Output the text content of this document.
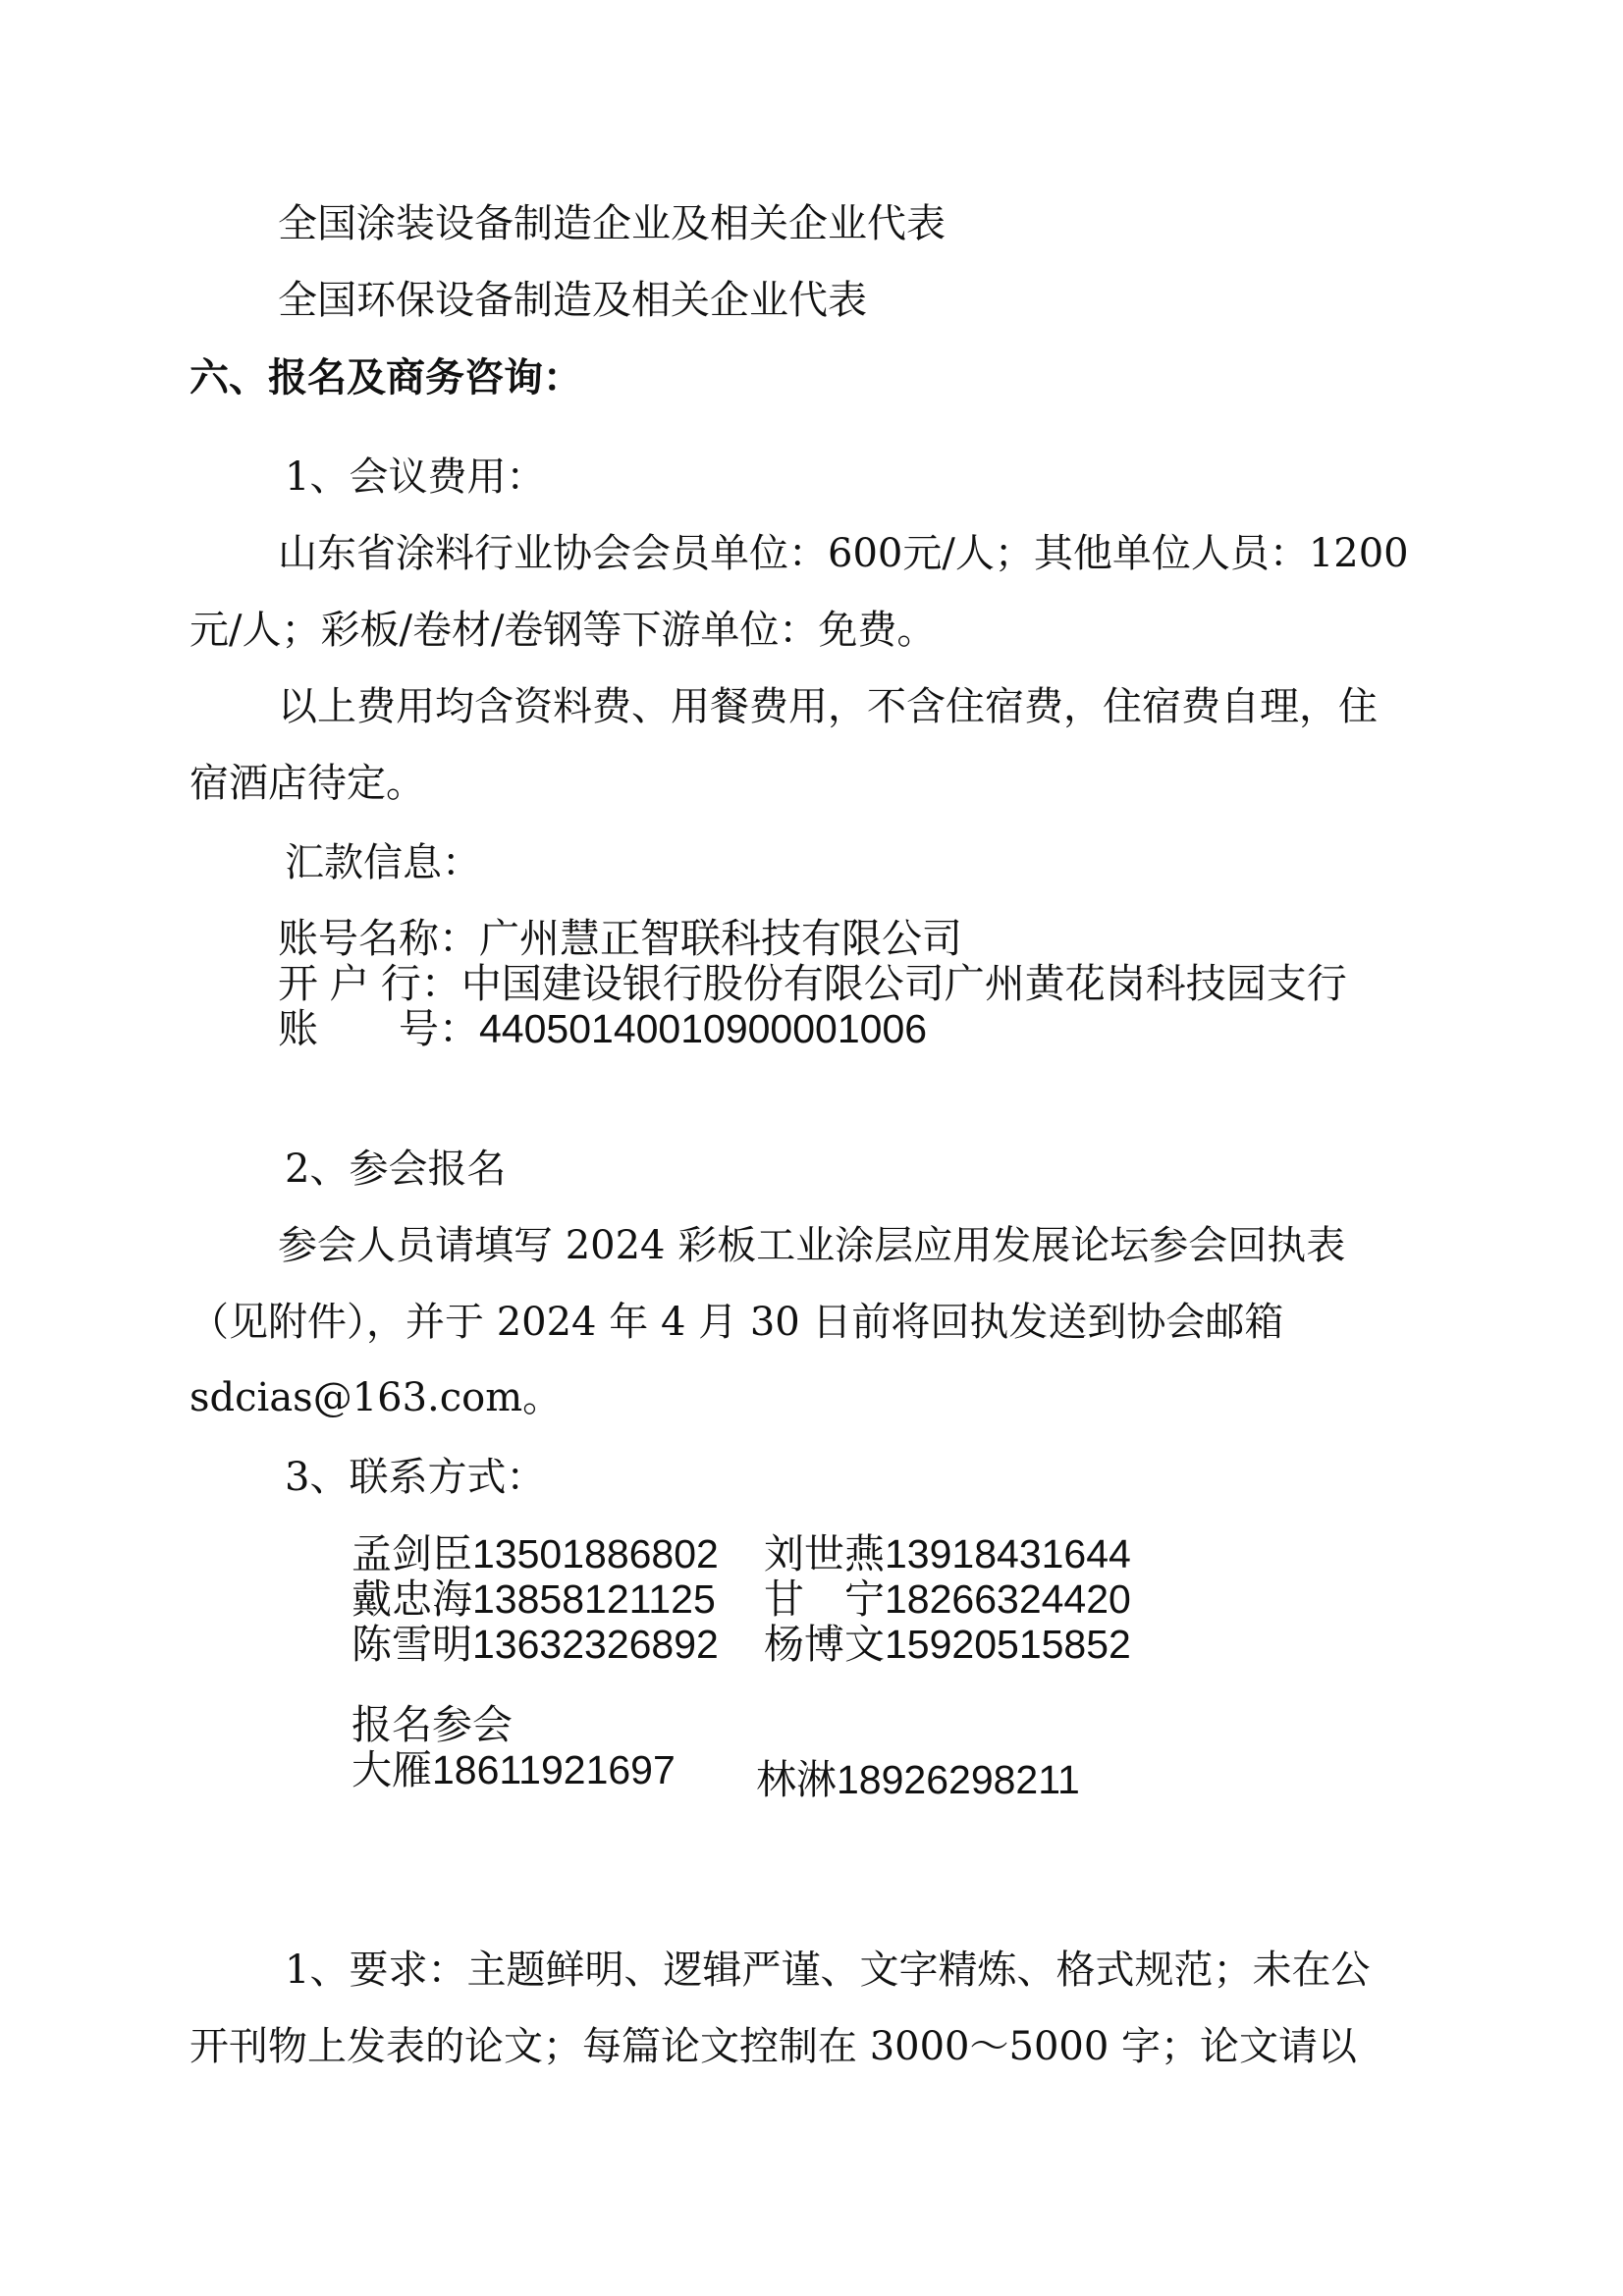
全国涂装设备制造企业及相关企业代表
全国环保设备制造及相关企业代表
六、报名及商务咨询：
1、会议费用：
山东省涂料行业协会会员单位：600元/人；其他单位人员：1200
元/人；彩板/卷材/卷钢等下游单位：免费。
以上费用均含资料费、用餐费用，不含住宿费，住宿费自理，住
宿酒店待定。
汇款信息：
账号名称：广州慧正智联科技有限公司
开 户 行：中国建设银行股份有限公司广州黄花岗科技园支行
账　　号：44050140010900001006
2、参会报名
参会人员请填写 2024 彩板工业涂层应用发展论坛参会回执表
（见附件），并于 2024 年 4 月 30 日前将回执发送到协会邮箱
sdcias@163.com。
3、联系方式：
孟剑臣13501886802 刘世燕13918431644
戴忠海13858121125 甘　宁18266324420
陈雪明13632326892 杨博文15920515852
报名参会
大雁18611921697 林淋18926298211
1、要求：主题鲜明、逻辑严谨、文字精炼、格式规范；未在公
开刊物上发表的论文；每篇论文控制在 3000～5000 字；论文请以
